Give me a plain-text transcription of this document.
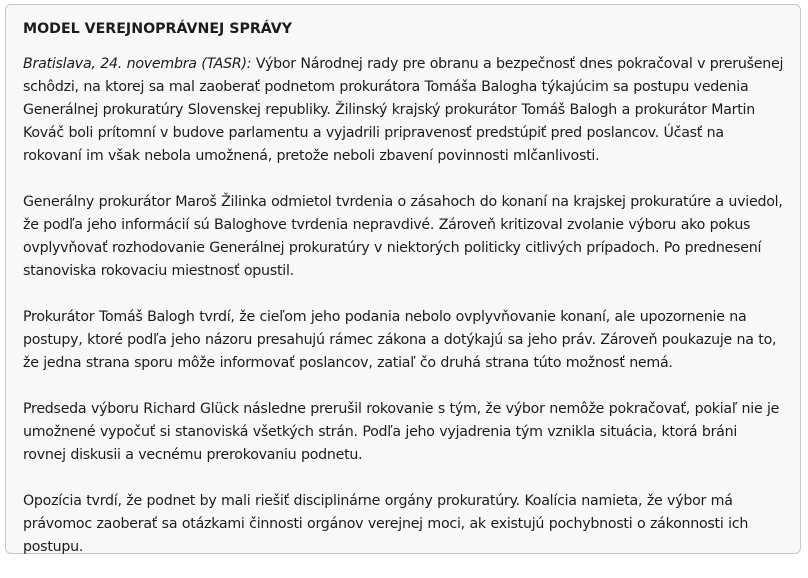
MODEL VEREJNOPRÁVNEJ SPRÁVY

Bratislava, 24. novembra (TASR): Výbor Národnej rady pre obranu a bezpečnosť dnes pokračoval v prerušenej schôdzi, na ktorej sa mal zaoberať podnetom prokurátora Tomáša Balogha týkajúcim sa postupu vedenia Generálnej prokuratúry Slovenskej republiky. Žilinský krajský prokurátor Tomáš Balogh a prokurátor Martin Kováč boli prítomní v budove parlamentu a vyjadrili pripravenosť predstúpiť pred poslancov. Účasť na rokovaní im však nebola umožnená, pretože neboli zbavení povinnosti mlčanlivosti.

Generálny prokurátor Maroš Žilinka odmietol tvrdenia o zásahoch do konaní na krajskej prokuratúre a uviedol, že podľa jeho informácií sú Baloghove tvrdenia nepravdivé. Zároveň kritizoval zvolanie výboru ako pokus ovplyvňovať rozhodovanie Generálnej prokuratúry v niektorých politicky citlivých prípadoch. Po prednesení stanoviska rokovaciu miestnosť opustil.

Prokurátor Tomáš Balogh tvrdí, že cieľom jeho podania nebolo ovplyvňovanie konaní, ale upozornenie na postupy, ktoré podľa jeho názoru presahujú rámec zákona a dotýkajú sa jeho práv. Zároveň poukazuje na to, že jedna strana sporu môže informovať poslancov, zatiaľ čo druhá strana túto možnosť nemá.

Predseda výboru Richard Glück následne prerušil rokovanie s tým, že výbor nemôže pokračovať, pokiaľ nie je umožnené vypočuť si stanoviská všetkých strán. Podľa jeho vyjadrenia tým vznikla situácia, ktorá bráni rovnej diskusii a vecnému prerokovaniu podnetu.

Opozícia tvrdí, že podnet by mali riešiť disciplinárne orgány prokuratúry. Koalícia namieta, že výbor má právomoc zaoberať sa otázkami činnosti orgánov verejnej moci, ak existujú pochybnosti o zákonnosti ich postupu.
